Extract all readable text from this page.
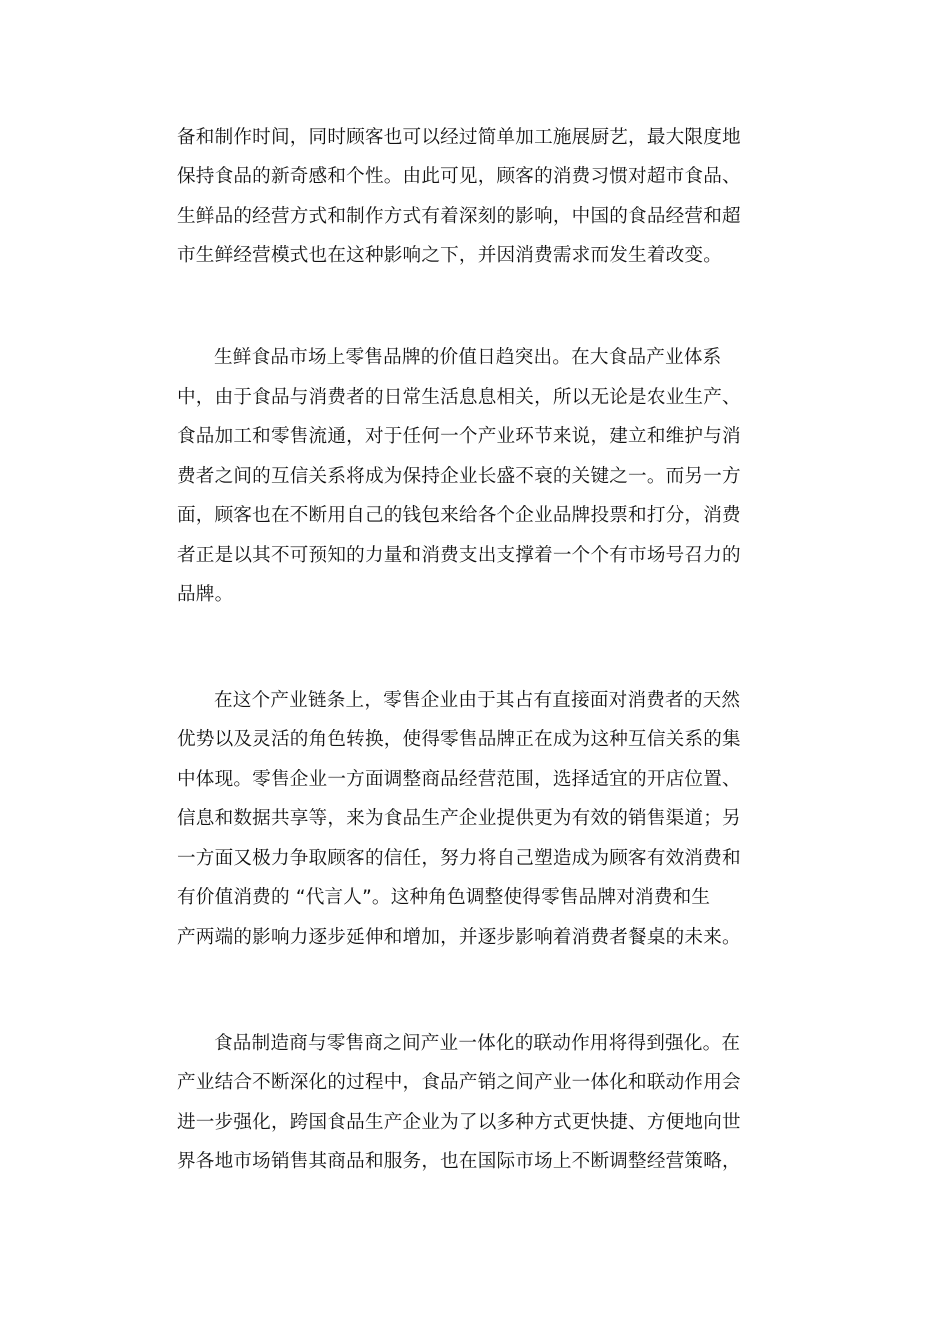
备和制作时间，同时顾客也可以经过简单加工施展厨艺，最大限度地
保持食品的新奇感和个性。由此可见，顾客的消费习惯对超市食品、
生鲜品的经营方式和制作方式有着深刻的影响，中国的食品经营和超
市生鲜经营模式也在这种影响之下，并因消费需求而发生着改变。
生鲜食品市场上零售品牌的价值日趋突出。在大食品产业体系
中，由于食品与消费者的日常生活息息相关，所以无论是农业生产、
食品加工和零售流通，对于任何一个产业环节来说，建立和维护与消
费者之间的互信关系将成为保持企业长盛不衰的关键之一。而另一方
面，顾客也在不断用自己的钱包来给各个企业品牌投票和打分，消费
者正是以其不可预知的力量和消费支出支撑着一个个有市场号召力的
品牌。
在这个产业链条上，零售企业由于其占有直接面对消费者的天然
优势以及灵活的角色转换，使得零售品牌正在成为这种互信关系的集
中体现。零售企业一方面调整商品经营范围，选择适宜的开店位置、
信息和数据共享等，来为食品生产企业提供更为有效的销售渠道；另
一方面又极力争取顾客的信任，努力将自己塑造成为顾客有效消费和
有价值消费的 “代言人”。这种角色调整使得零售品牌对消费和生
产两端的影响力逐步延伸和增加，并逐步影响着消费者餐桌的未来。
食品制造商与零售商之间产业一体化的联动作用将得到强化。在
产业结合不断深化的过程中，食品产销之间产业一体化和联动作用会
进一步强化，跨国食品生产企业为了以多种方式更快捷、方便地向世
界各地市场销售其商品和服务，也在国际市场上不断调整经营策略，
